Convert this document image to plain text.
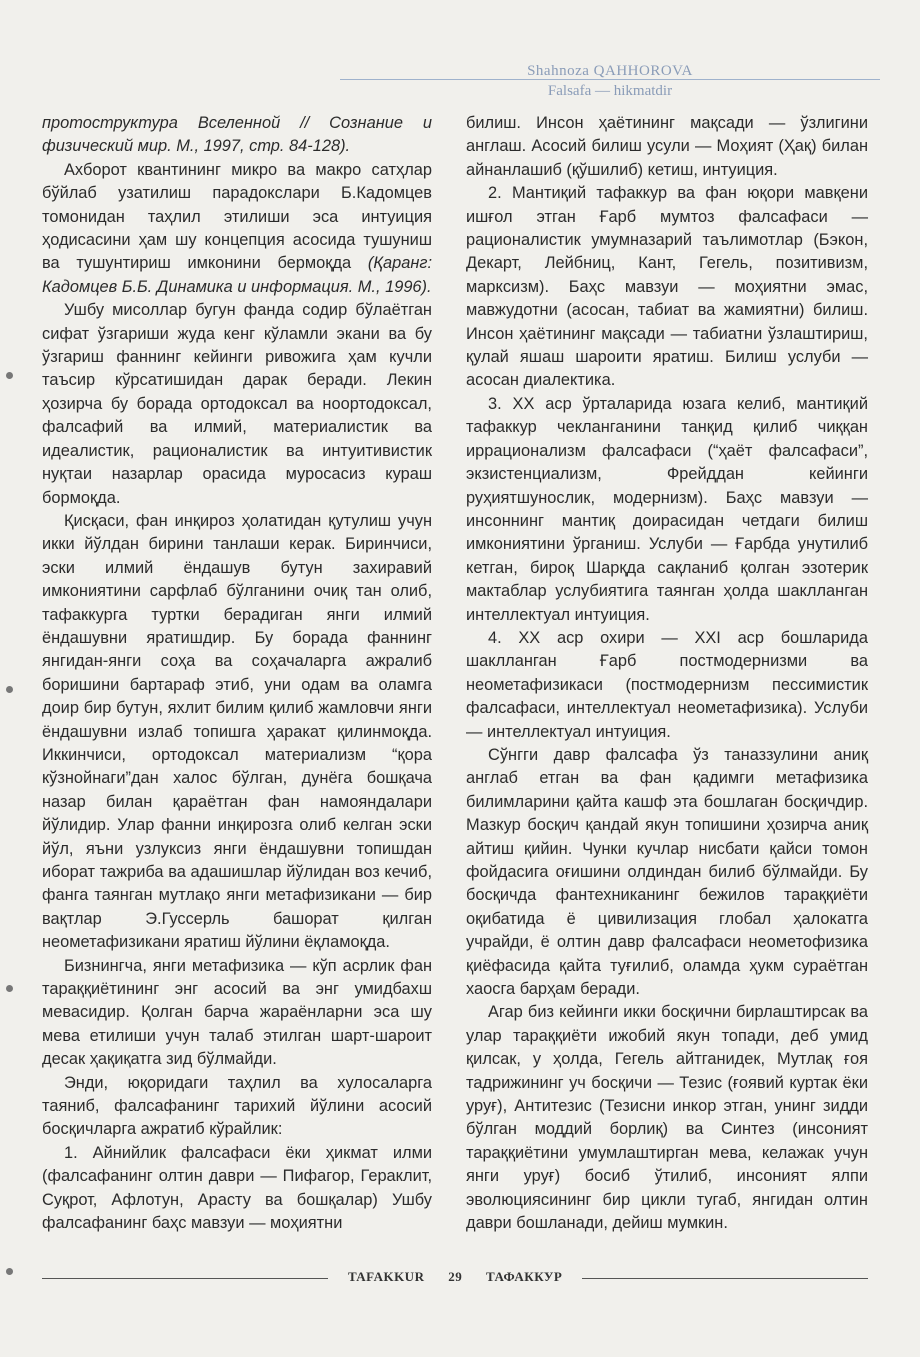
Shahnoza QAHHOROVA
Falsafa — hikmatdir

протоструктура Вселенной // Сознание и физический мир. М., 1997, стр. 84-128).

Ахборот квантининг микро ва макро сатҳлар бўйлаб узатилиш парадокслари Б.Кадомцев томонидан таҳлил этилиши эса интуиция ҳодисасини ҳам шу концепция асосида тушуниш ва тушунтириш имконини бермоқда (Қаранг: Кадомцев Б.Б. Динамика и информация. М., 1996).

Ушбу мисоллар бугун фанда содир бўлаётган сифат ўзгариши жуда кенг кўламли экани ва бу ўзгариш фаннинг кейинги ривожига ҳам кучли таъсир кўрсатишидан дарак беради. Лекин ҳозирча бу борада ортодоксал ва ноортодоксал, фалсафий ва илмий, материалистик ва идеалистик, рационалистик ва интуитивистик нуқтаи назарлар орасида муросасиз кураш бормоқда.

Қисқаси, фан инқироз ҳолатидан қутулиш учун икки йўлдан бирини танлаши керак. Биринчиси, эски илмий ёндашув бутун захиравий имкониятини сарфлаб бўлганини очиқ тан олиб, тафаккурга туртки берадиган янги илмий ёндашувни яратишдир. Бу борада фаннинг янгидан-янги соҳа ва соҳачаларга ажралиб боришини бартараф этиб, уни одам ва оламга доир бир бутун, яхлит билим қилиб жамловчи янги ёндашувни излаб топишга ҳаракат қилинмоқда. Иккинчиси, ортодоксал материализм “қора кўзнойнаги”дан халос бўлган, дунёга бошқача назар билан қараётган фан намояндалари йўлидир. Улар фанни инқирозга олиб келган эски йўл, яъни узлуксиз янги ёндашувни топишдан иборат тажриба ва адашишлар йўлидан воз кечиб, фанга таянган мутлақо янги метафизикани — бир вақтлар Э.Гуссерль башорат қилган неометафизикани яратиш йўлини ёқламоқда.

Бизнингча, янги метафизика — кўп асрлик фан тараққиётининг энг асосий ва энг умидбахш мевасидир. Қолган барча жараёнларни эса шу мева етилиши учун талаб этилган шарт-шароит десак ҳақиқатга зид бўлмайди.

Энди, юқоридаги таҳлил ва хулосаларга таяниб, фалсафанинг тарихий йўлини асосий босқичларга ажратиб кўрайлик:

1. Айнийлик фалсафаси ёки ҳикмат илми (фалсафанинг олтин даври — Пифагор, Гераклит, Суқрот, Афлотун, Арасту ва бошқалар) Ушбу фалсафанинг баҳс мавзуи — моҳиятни

билиш. Инсон ҳаётининг мақсади — ўзлигини англаш. Асосий билиш усули — Моҳият (Ҳақ) билан айнанлашиб (қўшилиб) кетиш, интуиция.

2. Мантиқий тафаккур ва фан юқори мавқени ишғол этган Ғарб мумтоз фалсафаси — рационалистик умумназарий таълимотлар (Бэкон, Декарт, Лейбниц, Кант, Гегель, позитивизм, марксизм). Баҳс мавзуи — моҳиятни эмас, мавжудотни (асосан, табиат ва жамиятни) билиш. Инсон ҳаётининг мақсади — табиатни ўзлаштириш, қулай яшаш шароити яратиш. Билиш услуби — асосан диалектика.

3. XX аср ўрталарида юзага келиб, мантиқий тафаккур чекланганини танқид қилиб чиққан иррационализм фалсафаси (“ҳаёт фалсафаси”, экзистенциализм, Фрейддан кейинги руҳиятшунослик, модернизм). Баҳс мавзуи — инсоннинг мантиқ доирасидан четдаги билиш имкониятини ўрганиш. Услуби — Ғарбда унутилиб кетган, бироқ Шарқда сақланиб қолган эзотерик мактаблар услубиятига таянган ҳолда шаклланган интеллектуал интуиция.

4. XX аср охири — XXI аср бошларида шаклланган Ғарб постмодернизми ва неометафизикаси (постмодернизм пессимистик фалсафаси, интеллектуал неометафизика). Услуби — интеллектуал интуиция.

Сўнгги давр фалсафа ўз таназзулини аниқ англаб етган ва фан қадимги метафизика билимларини қайта кашф эта бошлаган босқичдир. Мазкур босқич қандай якун топишини ҳозирча аниқ айтиш қийин. Чунки кучлар нисбати қайси томон фойдасига оғишини олдиндан билиб бўлмайди. Бу босқичда фантехниканинг бежилов тараққиёти оқибатида ё цивилизация глобал ҳалокатга учрайди, ё олтин давр фалсафаси неометофизика қиёфасида қайта туғилиб, оламда ҳукм сураётган хаосга барҳам беради.

Агар биз кейинги икки босқични бирлаштирсак ва улар тараққиёти ижобий якун топади, деб умид қилсак, у ҳолда, Гегель айтганидек, Мутлақ ғоя тадрижининг уч босқичи — Тезис (ғоявий куртак ёки уруғ), Антитезис (Тезисни инкор этган, унинг зидди бўлган моддий борлиқ) ва Синтез (инсоният тараққиётини умумлаштирган мева, келажак учун янги уруғ) босиб ўтилиб, инсоният ялпи эволюциясининг бир цикли тугаб, янгидан олтин даври бошланади, дейиш мумкин.

TAFAKKUR 29 ТАФАККУР
